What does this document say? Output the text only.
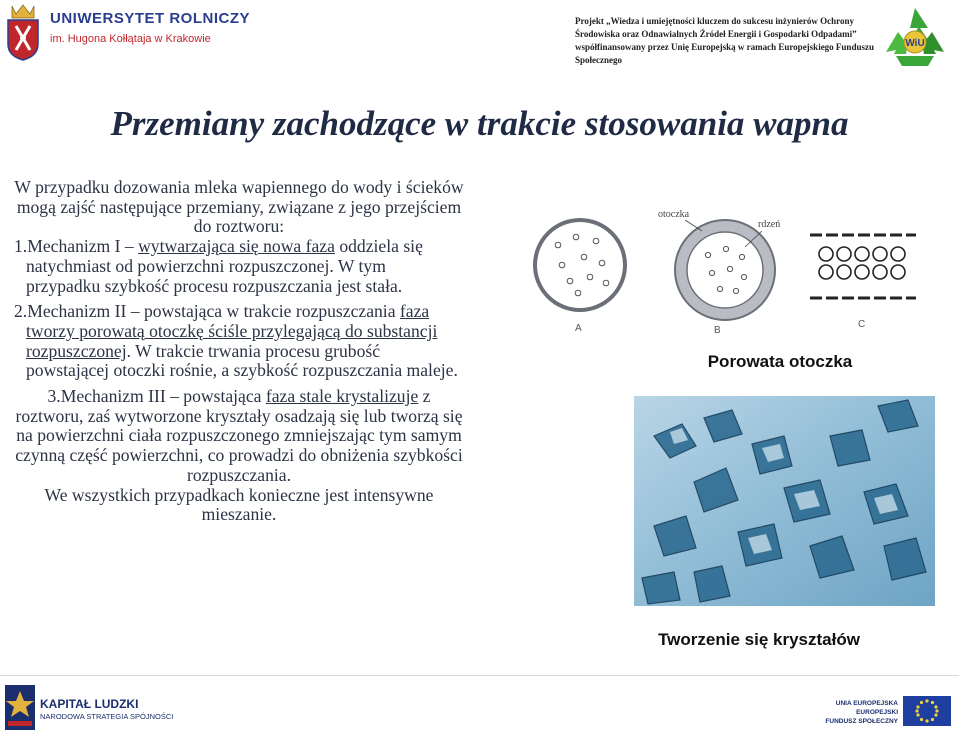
UNIWERSYTET ROLNICZY
im. Hugona Kołłątaja w Krakowie
Projekt „Wiedza i umiejętności kluczem do sukcesu inżynierów Ochrony Środowiska oraz Odnawialnych Źródeł Energii i Gospodarki Odpadami” współfinansowany przez Unię Europejską w ramach Europejskiego Funduszu Społecznego
WiU
Przemiany zachodzące w trakcie stosowania wapna

W przypadku dozowania mleka wapiennego do wody i ścieków mogą zajść następujące przemiany, związane z jego przejściem do roztworu:

1.Mechanizm I – wytwarzająca się nowa faza oddziela się natychmiast od powierzchni rozpuszczonej. W tym przypadku szybkość procesu rozpuszczania jest stała.

2.Mechanizm II – powstająca w trakcie rozpuszczania faza tworzy porowatą otoczkę ściśle przylegającą do substancji rozpuszczonej. W trakcie trwania procesu grubość powstającej otoczki rośnie, a szybkość rozpuszczania maleje.

3.Mechanizm III – powstająca faza stale krystalizuje z roztworu, zaś wytworzone kryształy osadzają się lub tworzą się na powierzchni ciała rozpuszczonego zmniejszając tym samym czynną część powierzchni, co prowadzi do obniżenia szybkości rozpuszczania.

We wszystkich przypadkach konieczne jest intensywne mieszanie.

A
otoczka
rdzeń
B
C
Porowata otoczka
Tworzenie się kryształów
KAPITAŁ LUDZKI
NARODOWA STRATEGIA SPÓJNOŚCI
UNIA EUROPEJSKA
EUROPEJSKI
FUNDUSZ SPOŁECZNY
